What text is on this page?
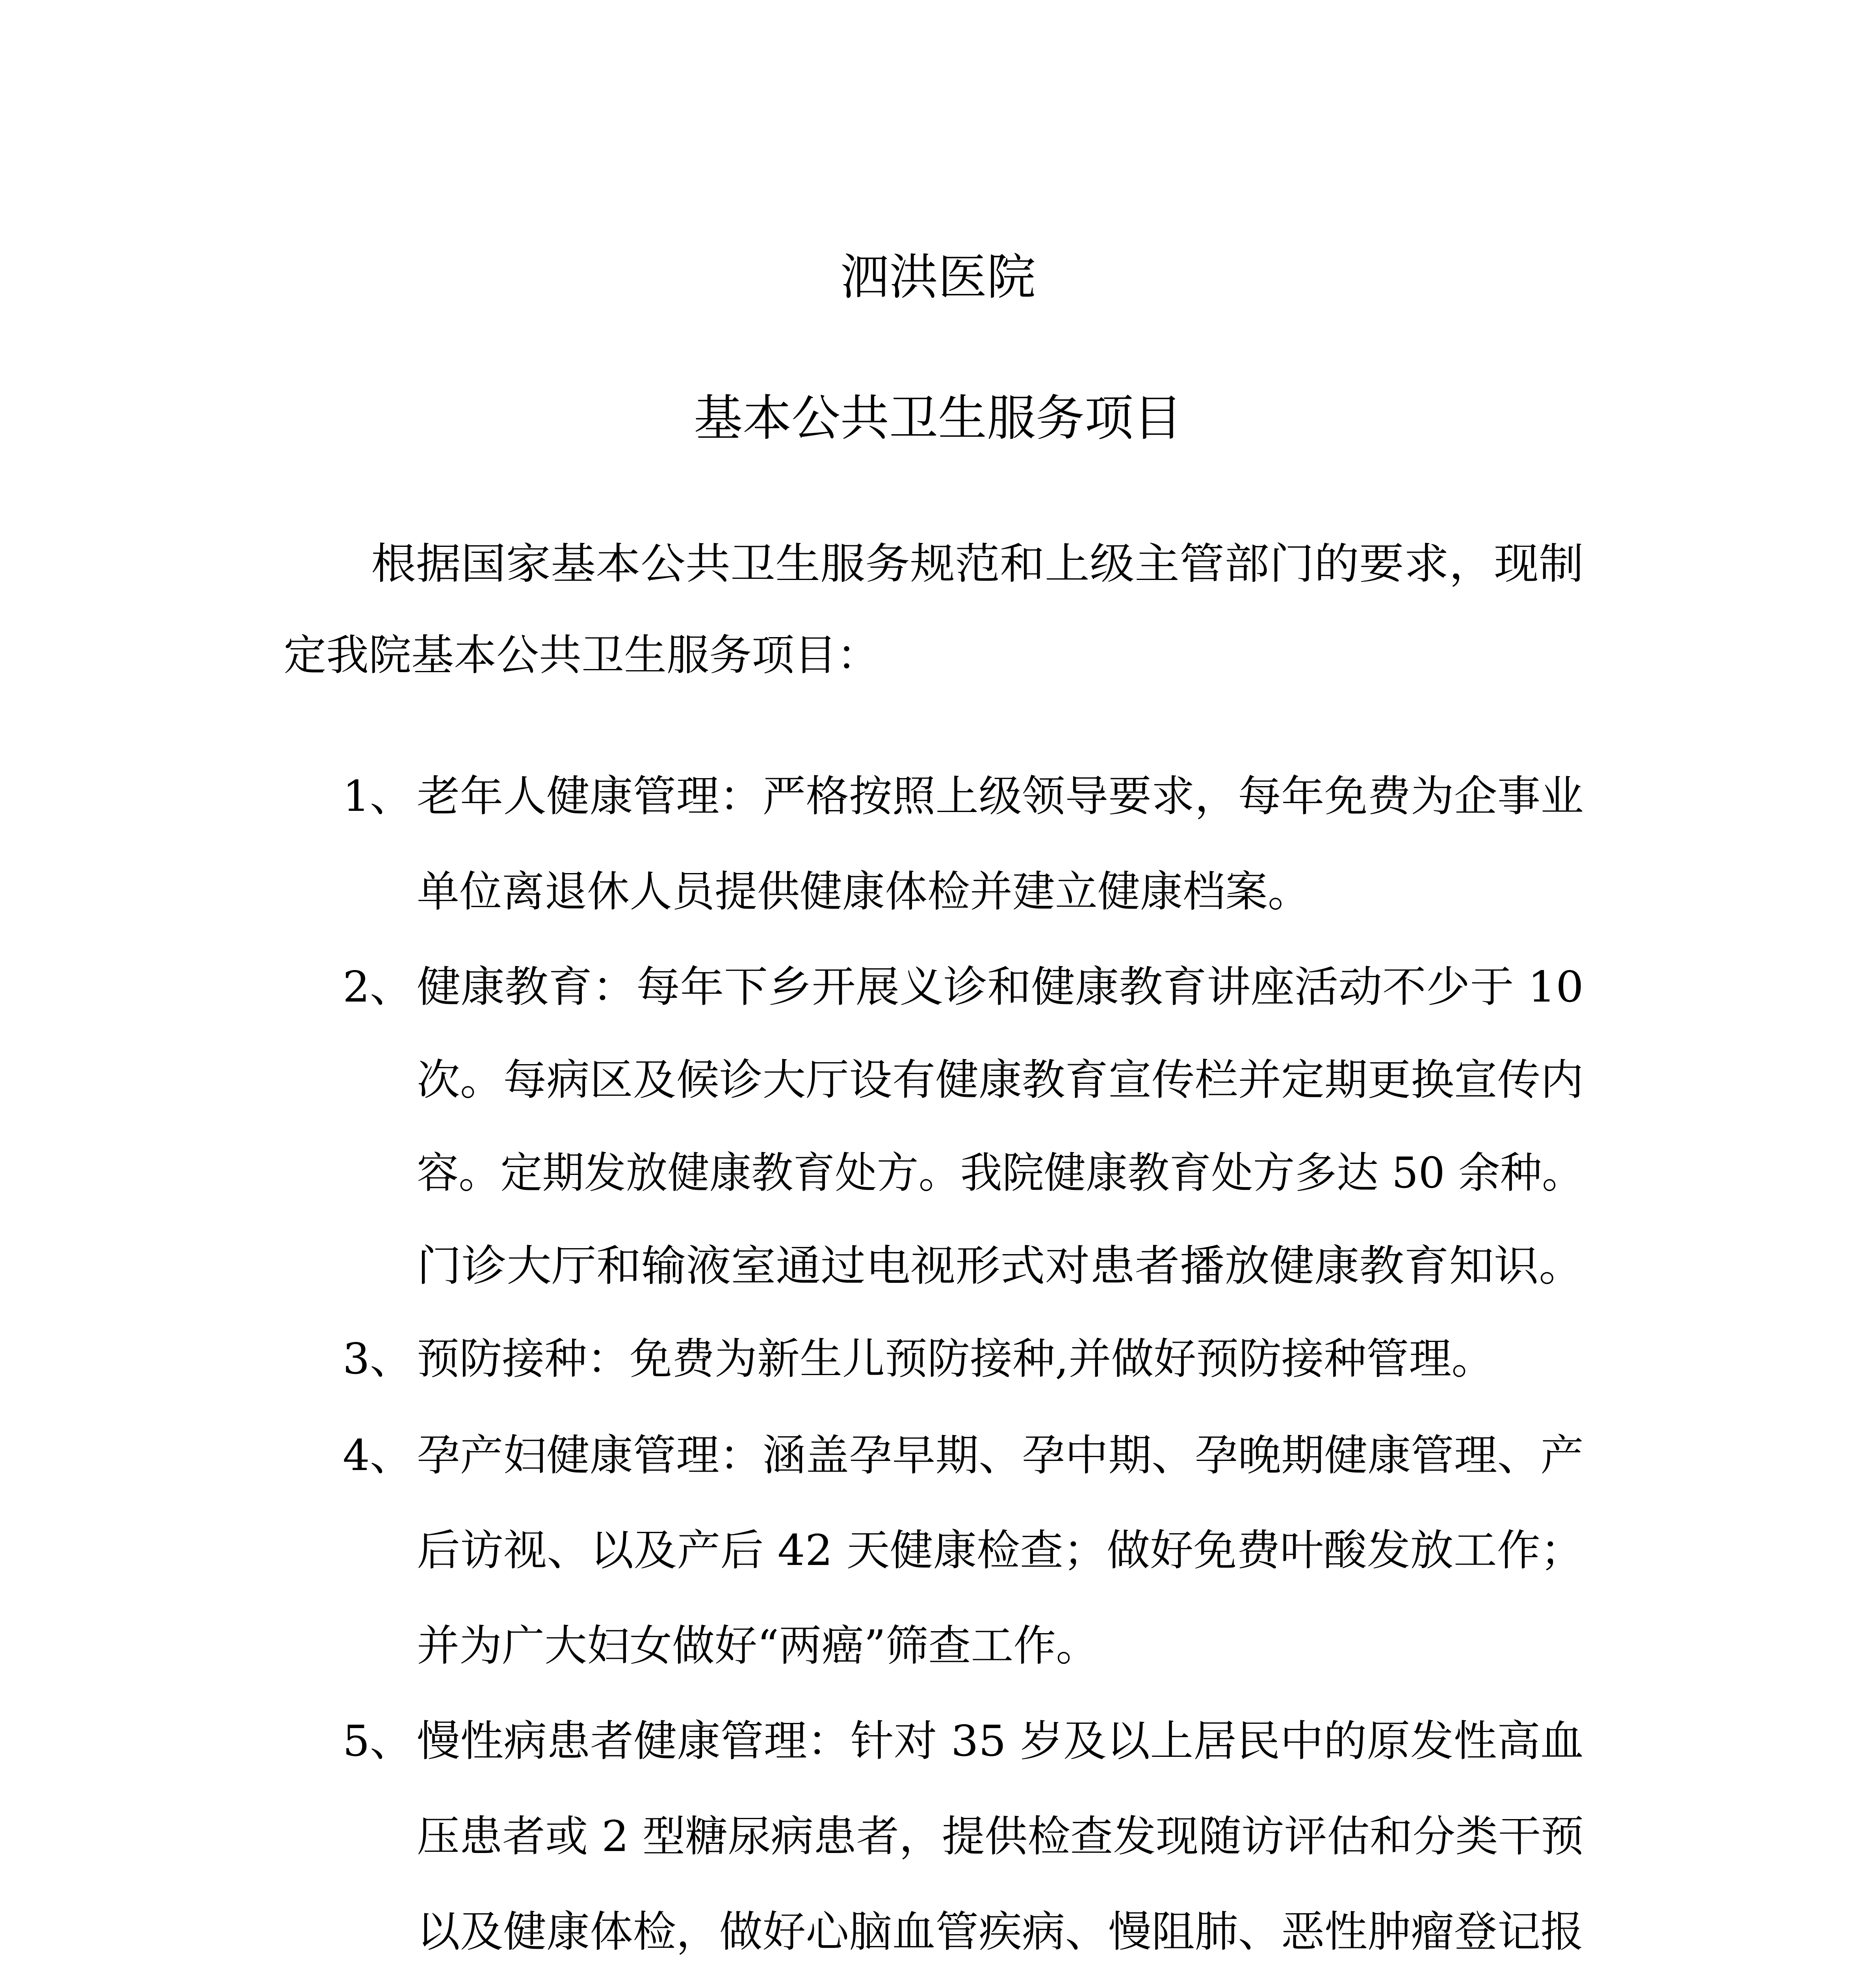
泗洪医院
基本公共卫生服务项目
根据国家基本公共卫生服务规范和上级主管部门的要求，现制
定我院基本公共卫生服务项目：
1、 老年人健康管理：严格按照上级领导要求，每年免费为企事业
单位离退休人员提供健康体检并建立健康档案。
2、 健康教育：每年下乡开展义诊和健康教育讲座活动不少于 10
次。每病区及候诊大厅设有健康教育宣传栏并定期更换宣传内
容。定期发放健康教育处方。我院健康教育处方多达 50 余种。
门诊大厅和输液室通过电视形式对患者播放健康教育知识。
3、 预防接种：免费为新生儿预防接种,并做好预防接种管理。
4、 孕产妇健康管理：涵盖孕早期、孕中期、孕晚期健康管理、产
后访视、以及产后 42 天健康检查；做好免费叶酸发放工作；
并为广大妇女做好“两癌”筛查工作。
5、 慢性病患者健康管理：针对 35 岁及以上居民中的原发性高血
压患者或 2 型糖尿病患者，提供检查发现随访评估和分类干预
以及健康体检，做好心脑血管疾病、慢阻肺、恶性肿瘤登记报
